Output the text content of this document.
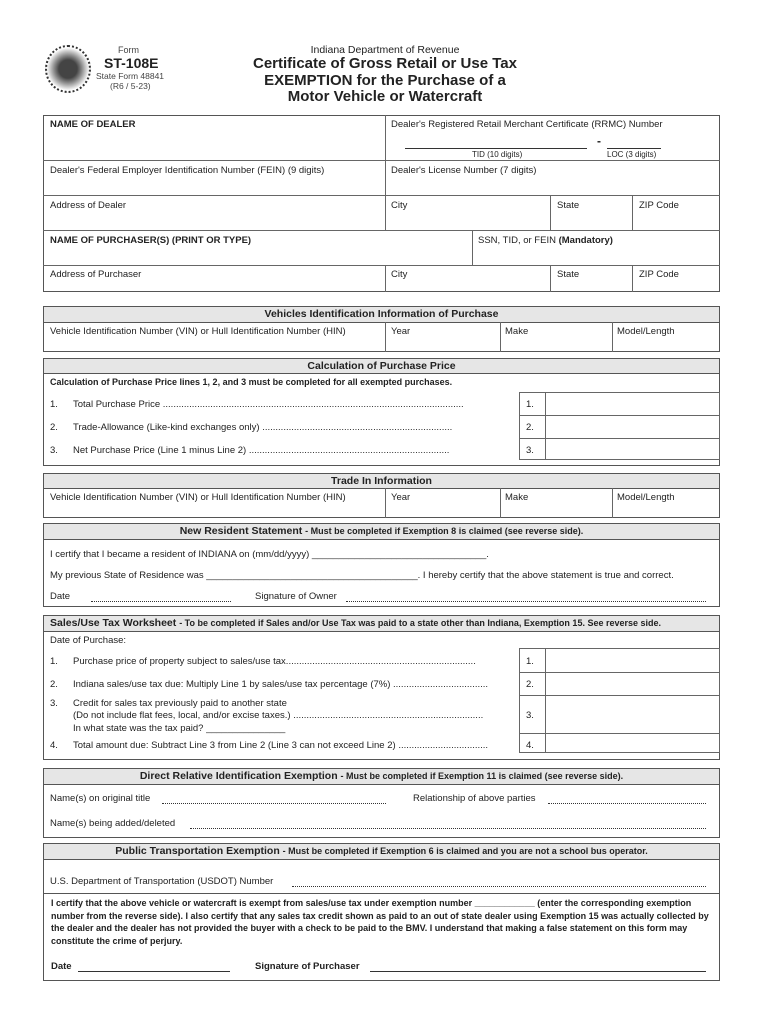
Form
ST-108E
State Form 48841
(R6 / 5-23)
Indiana Department of Revenue
Certificate of Gross Retail or Use Tax
EXEMPTION for the Purchase of a
Motor Vehicle or Watercraft
NAME OF DEALER	Dealer's Registered Retail Merchant Certificate (RRMC) Number
-
TID (10 digits)	LOC (3 digits)
Dealer's Federal Employer Identification Number (FEIN) (9 digits)	Dealer's License Number (7 digits)
Address of Dealer	City	State	ZIP Code
NAME OF PURCHASER(S) (PRINT OR TYPE)	SSN, TID, or FEIN (Mandatory)
Address of Purchaser	City	State	ZIP Code
Vehicles Identification Information of Purchase
Vehicle Identification Number (VIN) or Hull Identification Number (HIN)	Year	Make	Model/Length
Calculation of Purchase Price
Calculation of Purchase Price lines 1, 2, and 3 must be completed for all exempted purchases.
1. Total Purchase Price ..................................................................................................................	1.
2. Trade-Allowance (Like-kind exchanges only) ........................................................................	2.
3. Net Purchase Price (Line 1 minus Line 2) ............................................................................	3.
Trade In Information
Vehicle Identification Number (VIN) or Hull Identification Number (HIN)	Year	Make	Model/Length
New Resident Statement - Must be completed if Exemption 8 is claimed (see reverse side).
I certify that I became a resident of INDIANA on (mm/dd/yyyy) _________________________________.
My previous State of Residence was ________________________________________. I hereby certify that the above statement is true and correct.
Date	Signature of Owner
Sales/Use Tax Worksheet - To be completed if Sales and/or Use Tax was paid to a state other than Indiana, Exemption 15. See reverse side.
Date of Purchase:
1. Purchase price of property subject to sales/use tax........................................................................	1.
2. Indiana sales/use tax due: Multiply Line 1 by sales/use tax percentage (7%) ....................................	2.
3. Credit for sales tax previously paid to another state
(Do not include flat fees, local, and/or excise taxes.) ........................................................................
In what state was the tax paid? _______________
3.
4. Total amount due: Subtract Line 3 from Line 2 (Line 3 can not exceed Line 2) ..................................	4.
Direct Relative Identification Exemption - Must be completed if Exemption 11 is claimed (see reverse side).
Name(s) on original title	Relationship of above parties
Name(s) being added/deleted
Public Transportation Exemption - Must be completed if Exemption 6 is claimed and you are not a school bus operator.
U.S. Department of Transportation (USDOT) Number
I certify that the above vehicle or watercraft is exempt from sales/use tax under exemption number ____________ (enter the corresponding exemption number from the reverse side). I also certify that any sales tax credit shown as paid to an out of state dealer using Exemption 15 was actually collected by the dealer and the dealer has not provided the buyer with a check to be paid to the BMV. I understand that making a false statement on this form may constitute the crime of perjury.
Date	Signature of Purchaser
